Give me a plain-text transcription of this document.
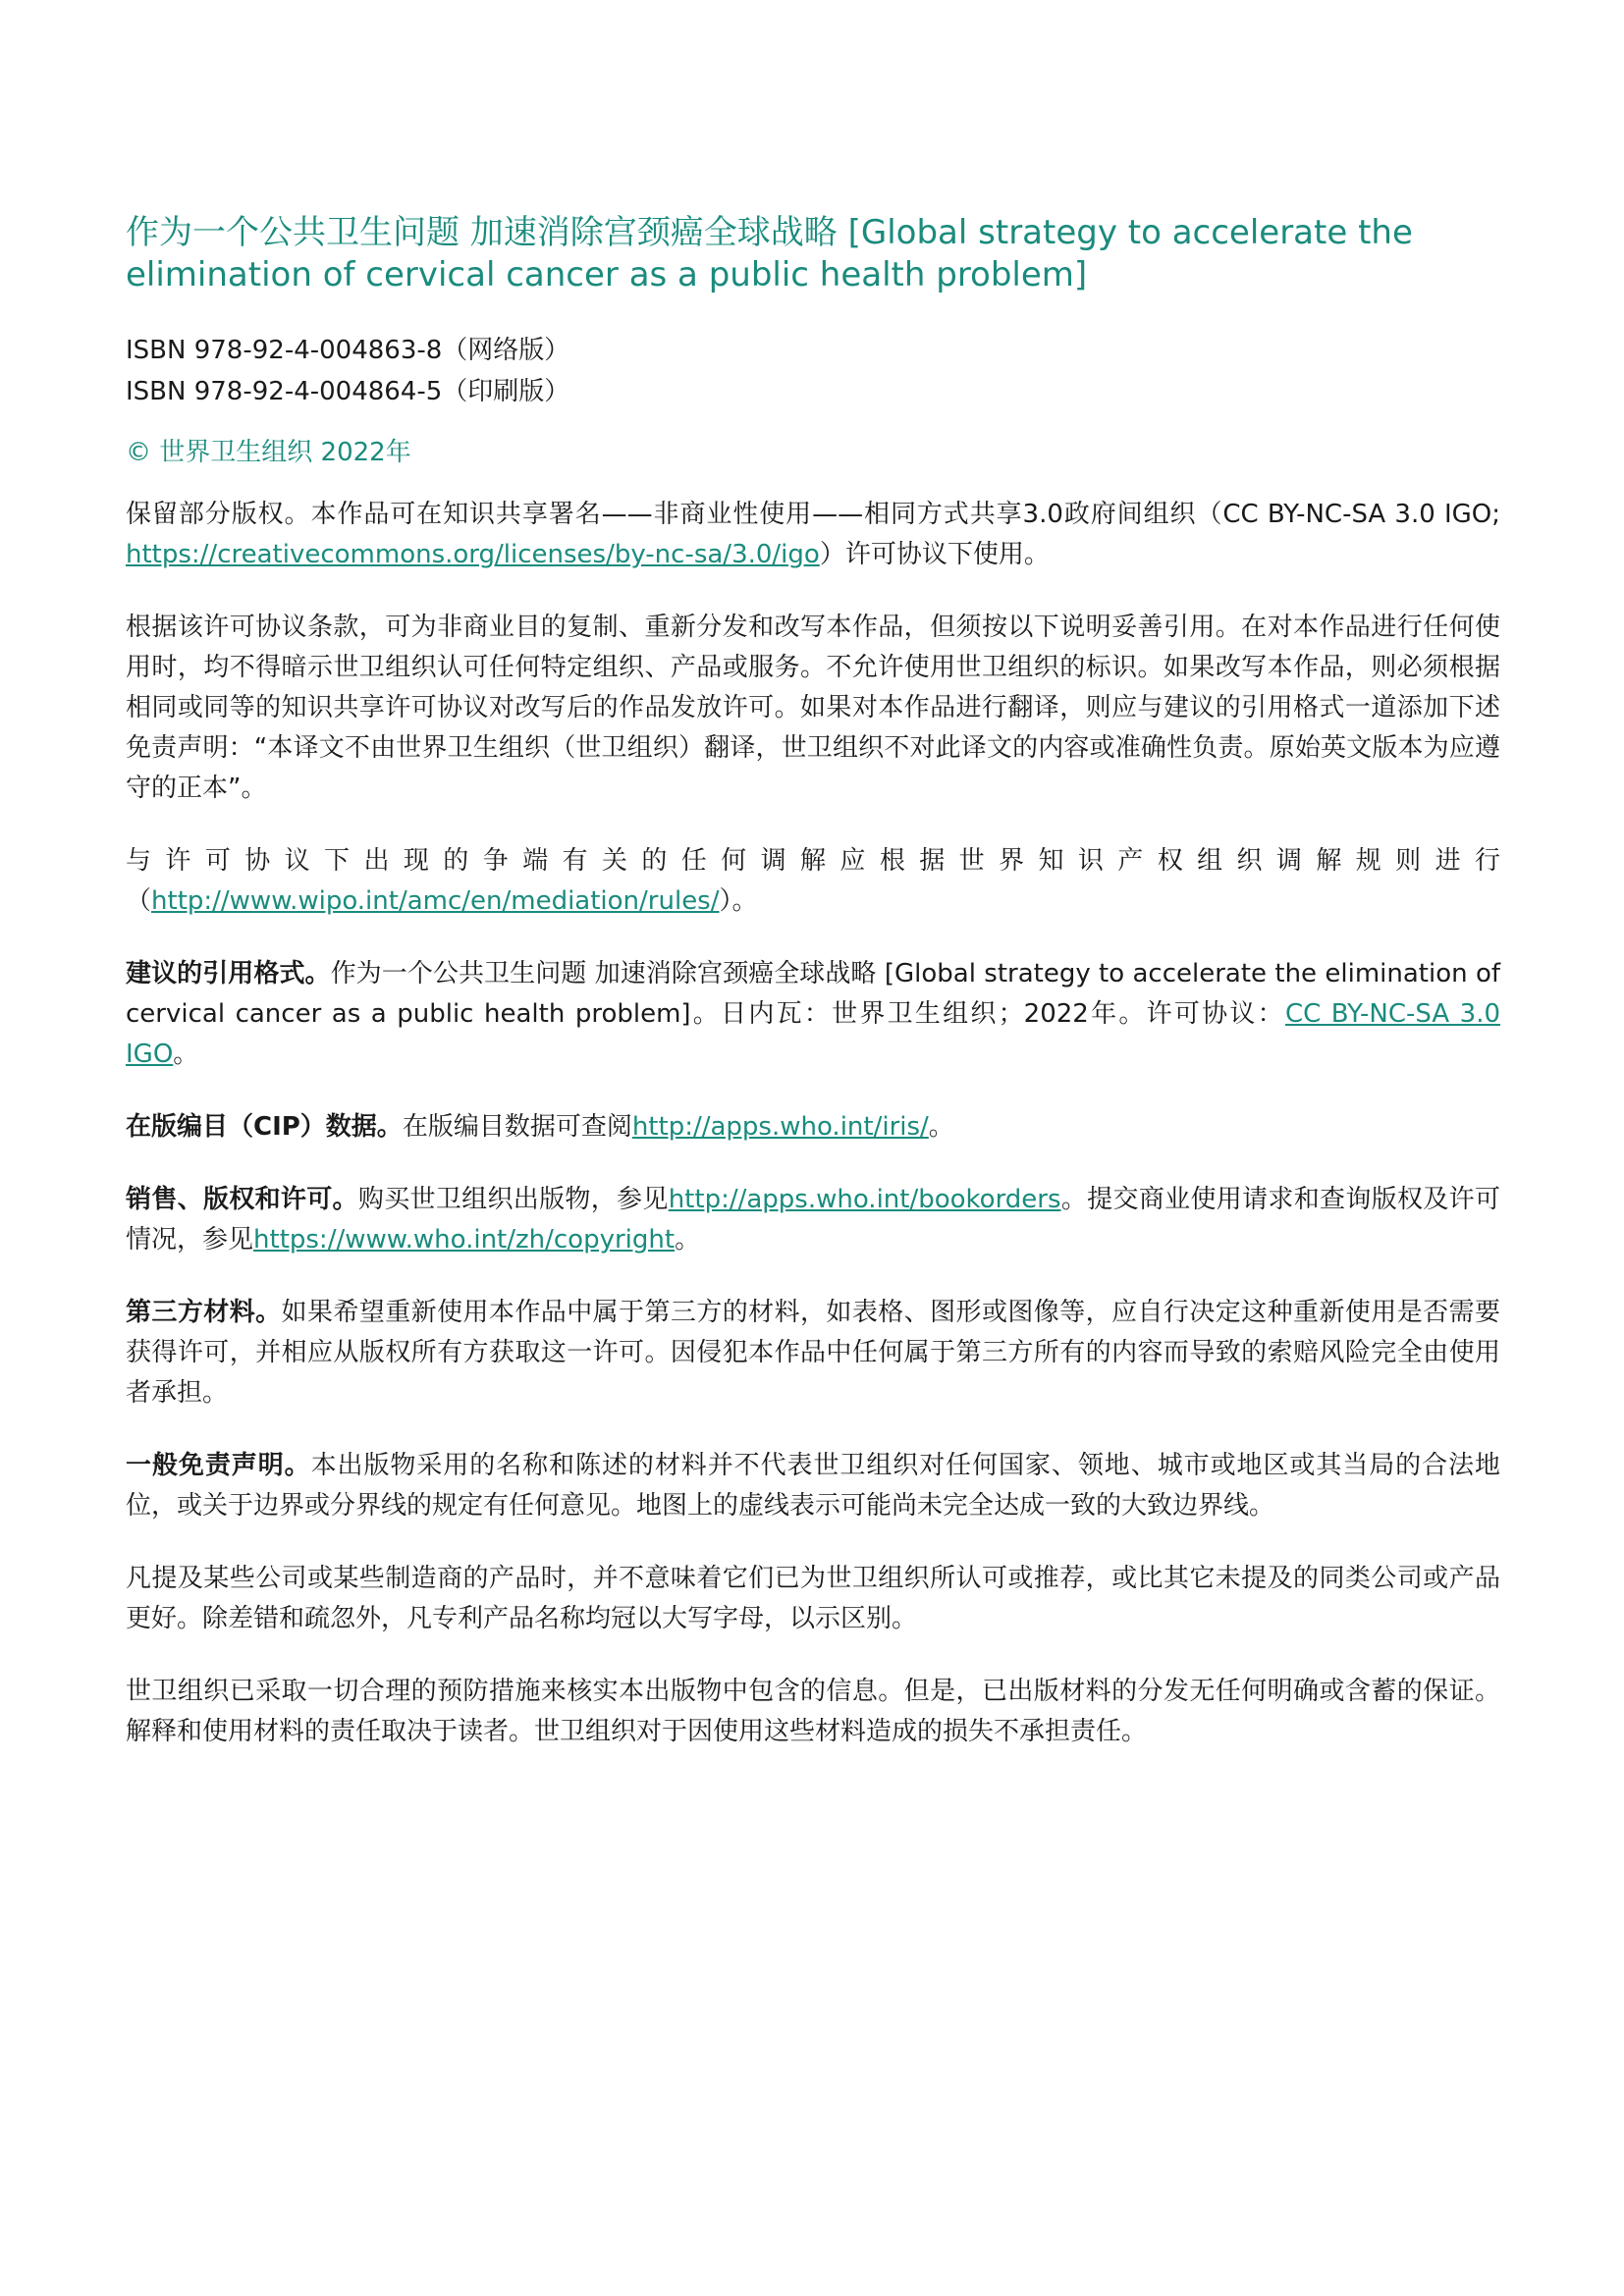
作为一个公共卫生问题 加速消除宫颈癌全球战略 [Global strategy to accelerate the elimination of cervical cancer as a public health problem]
ISBN 978-92-4-004863-8（网络版）
ISBN 978-92-4-004864-5（印刷版）
© 世界卫生组织 2022年

保留部分版权。本作品可在知识共享署名——非商业性使用——相同方式共享3.0政府间组织（CC BY-NC-SA 3.0 IGO; https://creativecommons.org/licenses/by-nc-sa/3.0/igo）许可协议下使用。

根据该许可协议条款，可为非商业目的复制、重新分发和改写本作品，但须按以下说明妥善引用。在对本作品进行任何使用时，均不得暗示世卫组织认可任何特定组织、产品或服务。不允许使用世卫组织的标识。如果改写本作品，则必须根据相同或同等的知识共享许可协议对改写后的作品发放许可。如果对本作品进行翻译，则应与建议的引用格式一道添加下述免责声明：“本译文不由世界卫生组织（世卫组织）翻译，世卫组织不对此译文的内容或准确性负责。原始英文版本为应遵守的正本”。

与许可协议下出现的争端有关的任何调解应根据世界知识产权组织调解规则进行（http://www.wipo.int/amc/en/mediation/rules/）。

建议的引用格式。作为一个公共卫生问题 加速消除宫颈癌全球战略 [Global strategy to accelerate the elimination of cervical cancer as a public health problem]。日内瓦：世界卫生组织；2022年。许可协议：CC BY-NC-SA 3.0 IGO。

在版编目（CIP）数据。在版编目数据可查阅http://apps.who.int/iris/。

销售、版权和许可。购买世卫组织出版物，参见http://apps.who.int/bookorders。提交商业使用请求和查询版权及许可情况，参见https://www.who.int/zh/copyright。

第三方材料。如果希望重新使用本作品中属于第三方的材料，如表格、图形或图像等，应自行决定这种重新使用是否需要获得许可，并相应从版权所有方获取这一许可。因侵犯本作品中任何属于第三方所有的内容而导致的索赔风险完全由使用者承担。

一般免责声明。本出版物采用的名称和陈述的材料并不代表世卫组织对任何国家、领地、城市或地区或其当局的合法地位，或关于边界或分界线的规定有任何意见。地图上的虚线表示可能尚未完全达成一致的大致边界线。

凡提及某些公司或某些制造商的产品时，并不意味着它们已为世卫组织所认可或推荐，或比其它未提及的同类公司或产品更好。除差错和疏忽外，凡专利产品名称均冠以大写字母，以示区别。

世卫组织已采取一切合理的预防措施来核实本出版物中包含的信息。但是，已出版材料的分发无任何明确或含蓄的保证。解释和使用材料的责任取决于读者。世卫组织对于因使用这些材料造成的损失不承担责任。
